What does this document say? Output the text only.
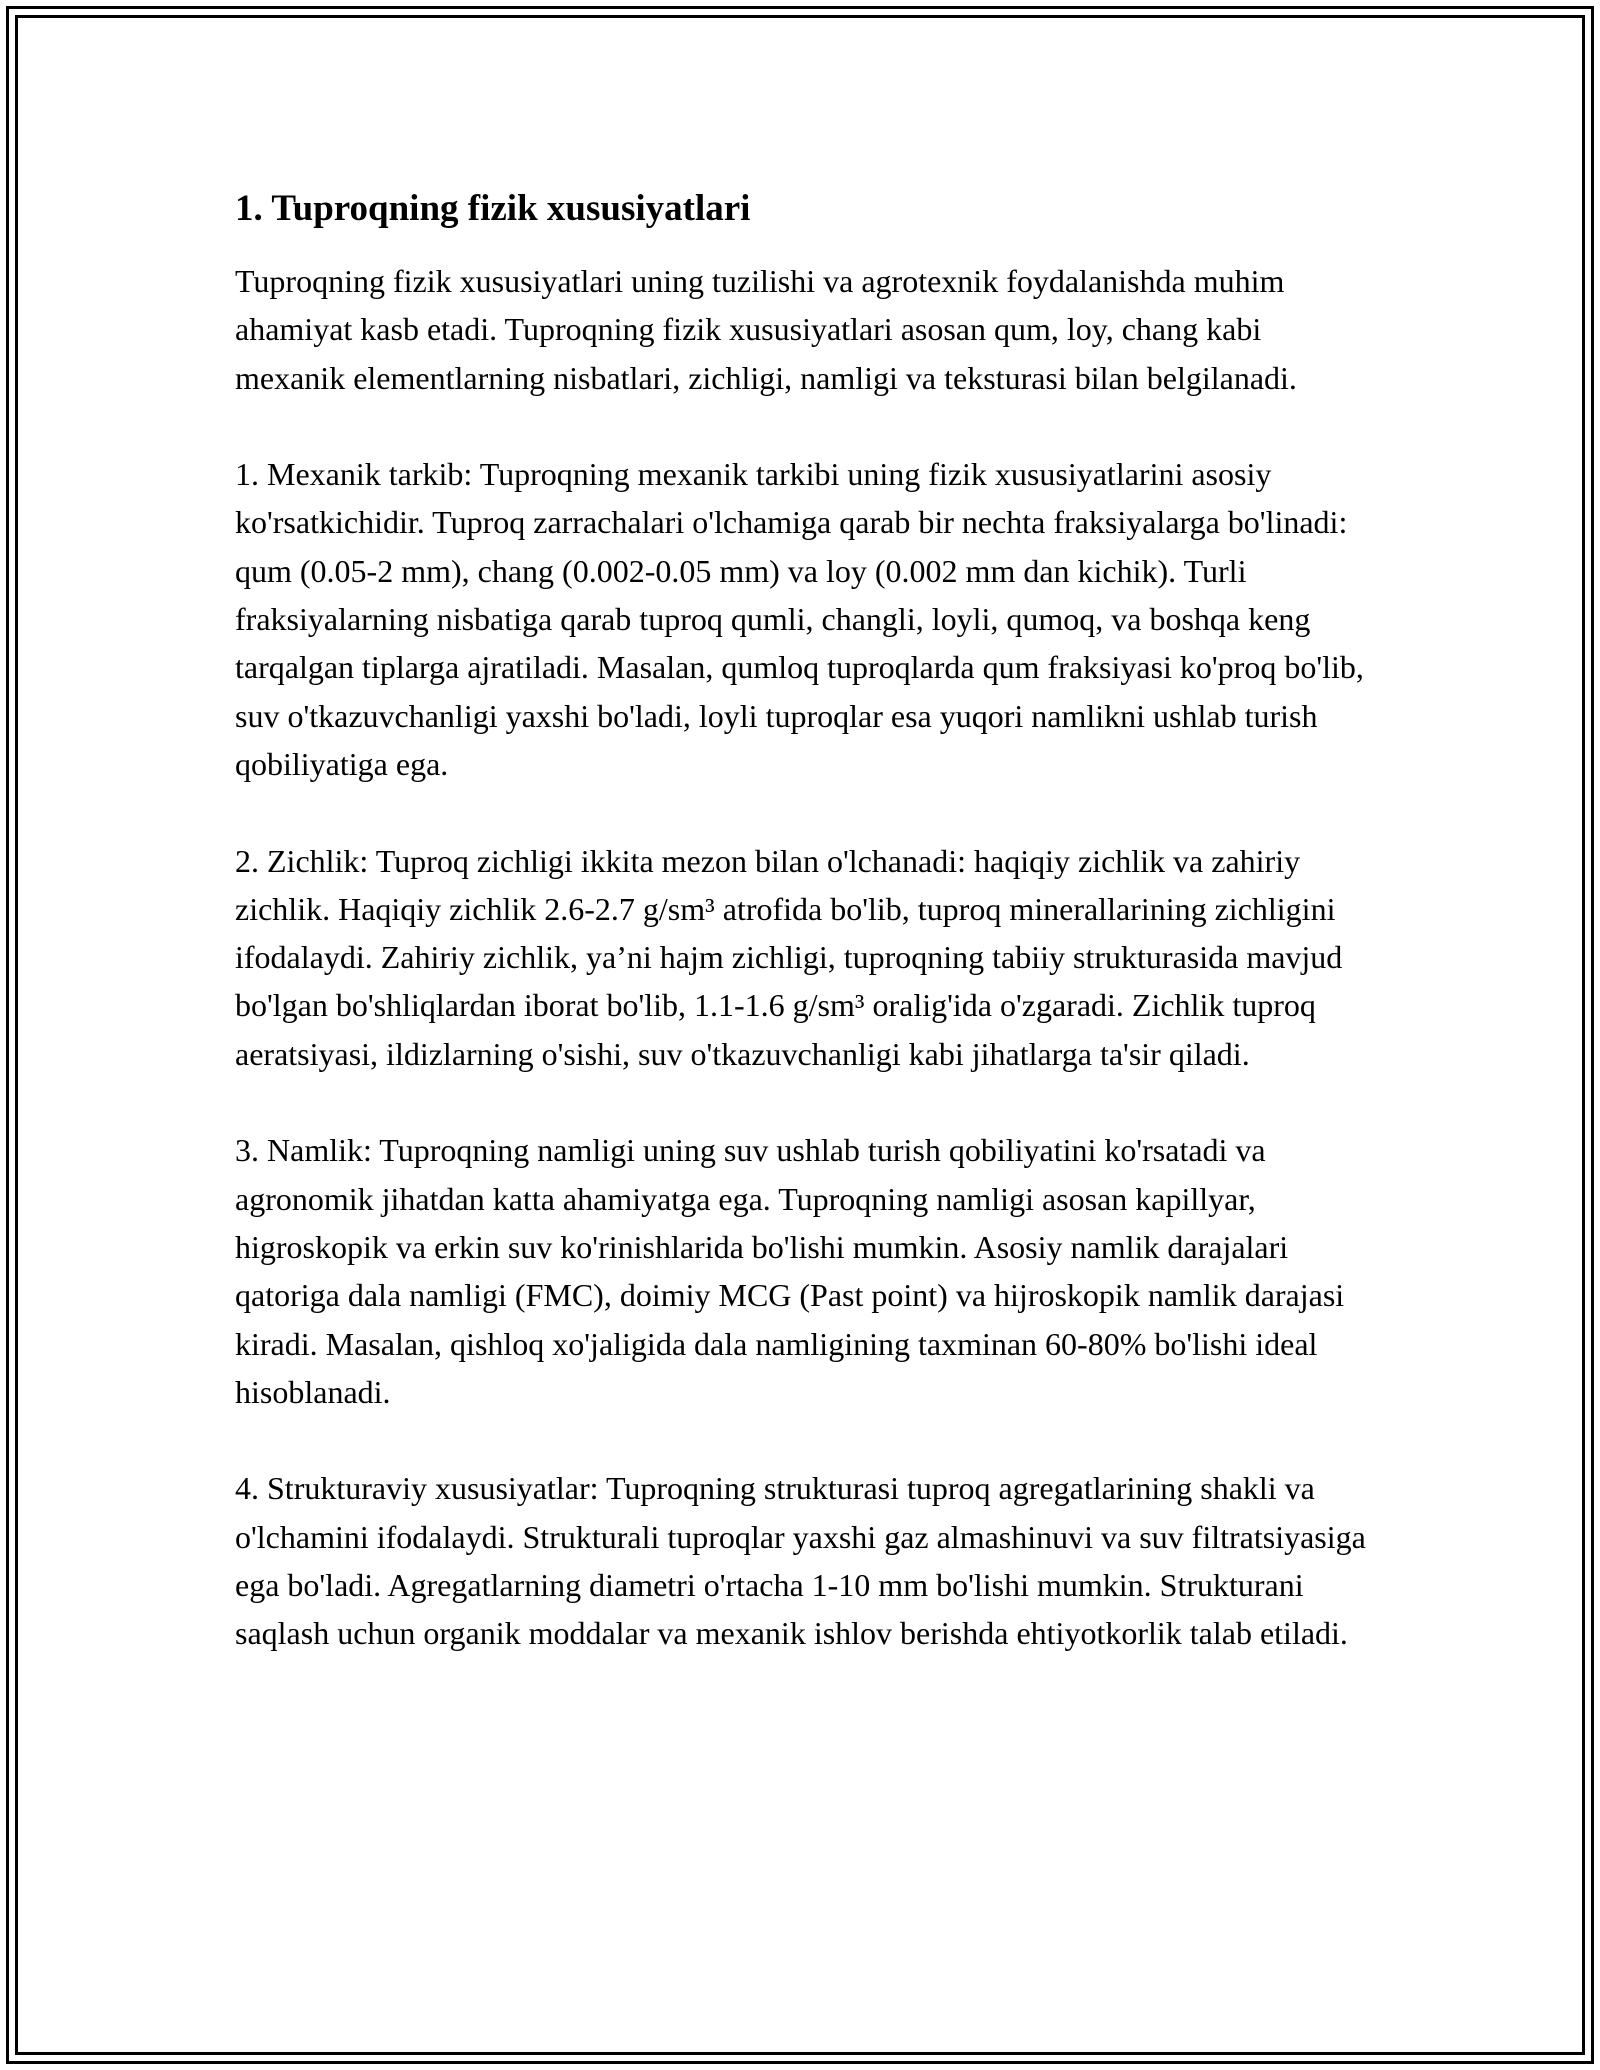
1. Tuproqning fizik xususiyatlari

Tuproqning fizik xususiyatlari uning tuzilishi va agrotexnik foydalanishda muhim ahamiyat kasb etadi. Tuproqning fizik xususiyatlari asosan qum, loy, chang kabi mexanik elementlarning nisbatlari, zichligi, namligi va teksturasi bilan belgilanadi.

1. Mexanik tarkib: Tuproqning mexanik tarkibi uning fizik xususiyatlarini asosiy ko'rsatkichidir. Tuproq zarrachalari o'lchamiga qarab bir nechta fraksiyalarga bo'linadi: qum (0.05-2 mm), chang (0.002-0.05 mm) va loy (0.002 mm dan kichik). Turli fraksiyalarning nisbatiga qarab tuproq qumli, changli, loyli, qumoq, va boshqa keng tarqalgan tiplarga ajratiladi. Masalan, qumloq tuproqlarda qum fraksiyasi ko'proq bo'lib, suv o'tkazuvchanligi yaxshi bo'ladi, loyli tuproqlar esa yuqori namlikni ushlab turish qobiliyatiga ega.

2. Zichlik: Tuproq zichligi ikkita mezon bilan o'lchanadi: haqiqiy zichlik va zahiriy zichlik. Haqiqiy zichlik 2.6-2.7 g/sm³ atrofida bo'lib, tuproq minerallarining zichligini ifodalaydi. Zahiriy zichlik, ya’ni hajm zichligi, tuproqning tabiiy strukturasida mavjud bo'lgan bo'shliqlardan iborat bo'lib, 1.1-1.6 g/sm³ oralig'ida o'zgaradi. Zichlik tuproq aeratsiyasi, ildizlarning o'sishi, suv o'tkazuvchanligi kabi jihatlarga ta'sir qiladi.

3. Namlik: Tuproqning namligi uning suv ushlab turish qobiliyatini ko'rsatadi va agronomik jihatdan katta ahamiyatga ega. Tuproqning namligi asosan kapillyar, higroskopik va erkin suv ko'rinishlarida bo'lishi mumkin. Asosiy namlik darajalari qatoriga dala namligi (FMC), doimiy MCG (Past point) va hijroskopik namlik darajasi kiradi. Masalan, qishloq xo'jaligida dala namligining taxminan 60-80% bo'lishi ideal hisoblanadi.

4. Strukturaviy xususiyatlar: Tuproqning strukturasi tuproq agregatlarining shakli va o'lchamini ifodalaydi. Strukturali tuproqlar yaxshi gaz almashinuvi va suv filtratsiyasiga ega bo'ladi. Agregatlarning diametri o'rtacha 1-10 mm bo'lishi mumkin. Strukturani saqlash uchun organik moddalar va mexanik ishlov berishda ehtiyotkorlik talab etiladi.
